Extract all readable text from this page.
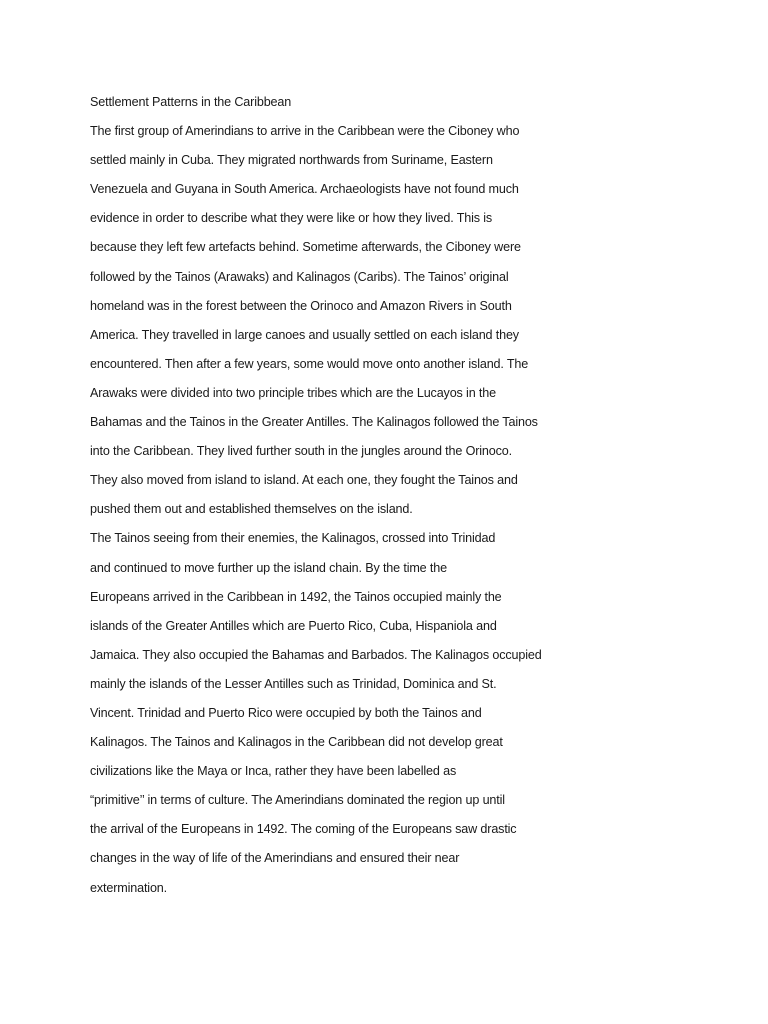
Settlement Patterns in the Caribbean
The first group of Amerindians to arrive in the Caribbean were the Ciboney who
settled mainly in Cuba. They migrated northwards from Suriname, Eastern
Venezuela and Guyana in South America. Archaeologists have not found much
evidence in order to describe what they were like or how they lived. This is
because they left few artefacts behind. Sometime afterwards, the Ciboney were
followed by the Tainos (Arawaks) and Kalinagos (Caribs). The Tainos’ original
homeland was in the forest between the Orinoco and Amazon Rivers in South
America. They travelled in large canoes and usually settled on each island they
encountered. Then after a few years, some would move onto another island. The
Arawaks were divided into two principle tribes which are the Lucayos in the
Bahamas and the Tainos in the Greater Antilles. The Kalinagos followed the Tainos
into the Caribbean. They lived further south in the jungles around the Orinoco.
They also moved from island to island. At each one, they fought the Tainos and
pushed them out and established themselves on the island.
The Tainos seeing from their enemies, the Kalinagos, crossed into Trinidad
and continued to move further up the island chain. By the time the
Europeans arrived in the Caribbean in 1492, the Tainos occupied mainly the
islands of the Greater Antilles which are Puerto Rico, Cuba, Hispaniola and
Jamaica. They also occupied the Bahamas and Barbados. The Kalinagos occupied
mainly the islands of the Lesser Antilles such as Trinidad, Dominica and St.
Vincent. Trinidad and Puerto Rico were occupied by both the Tainos and
Kalinagos. The Tainos and Kalinagos in the Caribbean did not develop great
civilizations like the Maya or Inca, rather they have been labelled as
“primitive’’ in terms of culture. The Amerindians dominated the region up until
the arrival of the Europeans in 1492. The coming of the Europeans saw drastic
changes in the way of life of the Amerindians and ensured their near
extermination.
